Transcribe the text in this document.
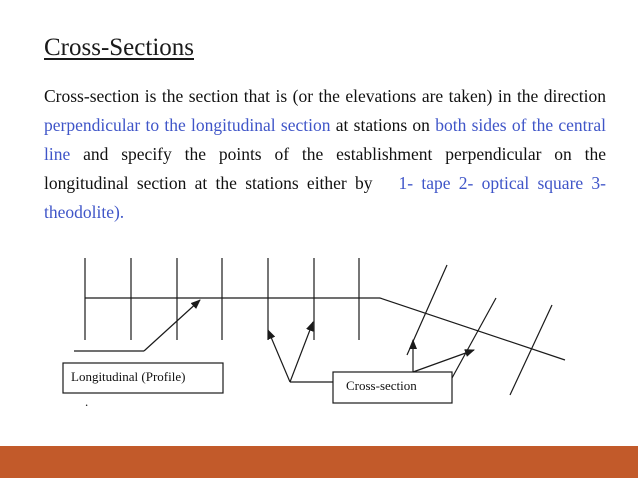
Cross-Sections
Cross-section is the section that is (or the elevations are taken) in the direction perpendicular to the longitudinal section at stations on both sides of the central line and specify the points of the establishment perpendicular on the longitudinal section at the stations either by 1- tape 2- optical square 3- theodolite).
Longitudinal (Profile)
Cross-section
.
